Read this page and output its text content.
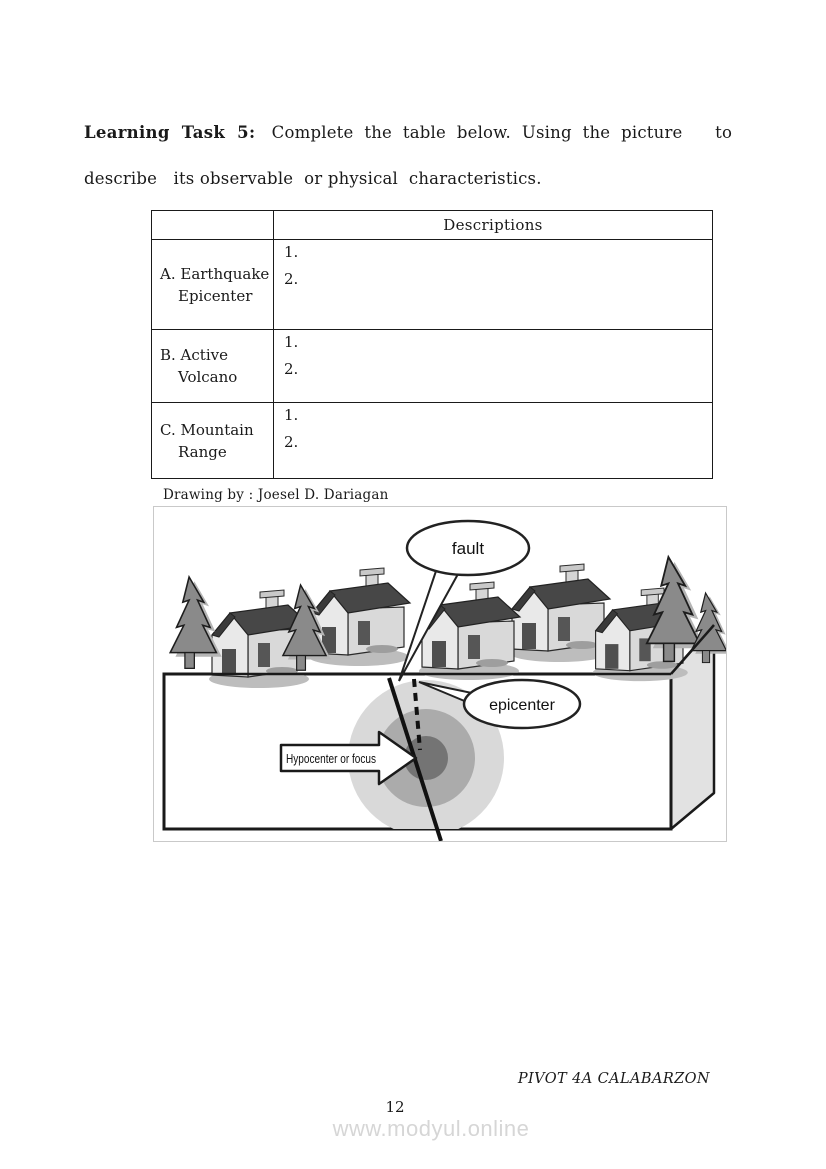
Learning  Task  5:   Complete  the  table  below.  Using  the  picture      to

describe   its observable  or physical  characteristics.
	Descriptions

A. Earthquake
Epicenter

1.
2.

B. Active
Volcano

1.
2.

C. Mountain
Range

1.
2.
Drawing by : Joesel D. Dariagan
fault
epicenter
Hypocenter or focus
PIVOT 4A CALABARZON
12
www.modyul.online
